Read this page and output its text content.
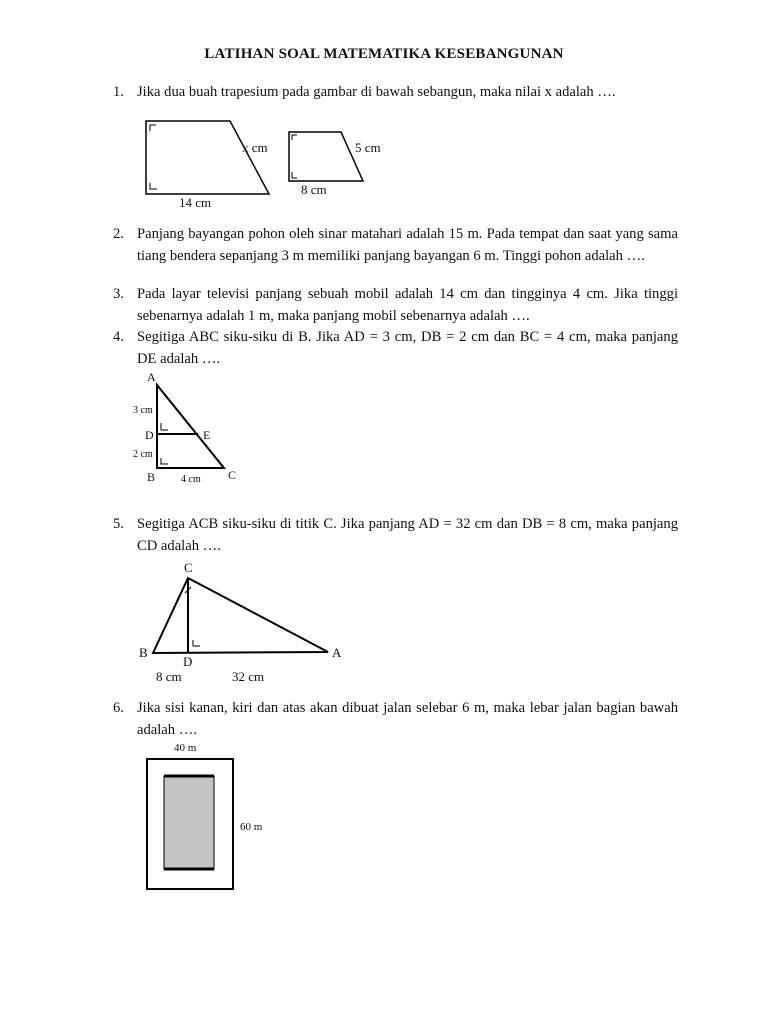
LATIHAN SOAL MATEMATIKA KESEBANGUNAN
1. Jika dua buah trapesium pada gambar di bawah sebangun, maka nilai x adalah ….
x cm
14 cm
5 cm
8 cm
2. Panjang bayangan pohon oleh sinar matahari adalah 15 m. Pada tempat dan saat yang sama tiang bendera sepanjang 3 m memiliki panjang bayangan 6 m. Tinggi pohon adalah ….
3. Pada layar televisi panjang sebuah mobil adalah 14 cm dan tingginya 4 cm. Jika tinggi sebenarnya adalah 1 m, maka panjang mobil sebenarnya adalah ….
4. Segitiga ABC siku-siku di B. Jika AD = 3 cm, DB = 2 cm dan BC = 4 cm, maka panjang DE adalah ….
A
3 cm
D	E
2 cm
B	4 cm C
5. Segitiga ACB siku-siku di titik C. Jika panjang AD = 32 cm dan DB = 8 cm, maka panjang CD adalah ….
C
B
D
A
8 cm	32 cm
6. Jika sisi kanan, kiri dan atas akan dibuat jalan selebar 6 m, maka lebar jalan bagian bawah adalah ….
40 m
60 m
